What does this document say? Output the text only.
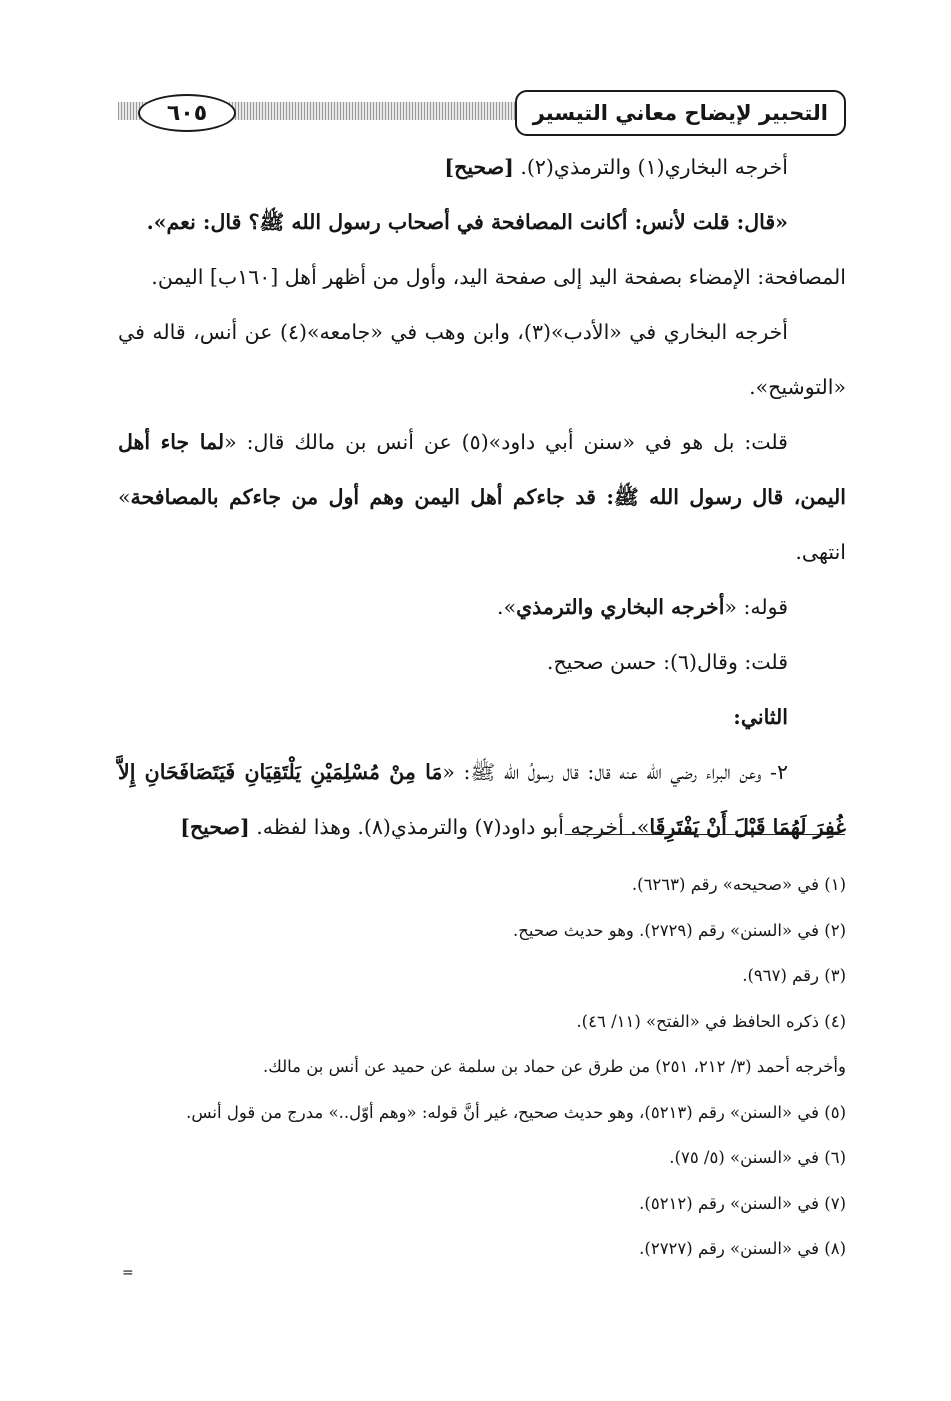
٦٠٥	التحبير لإيضاح معاني التيسير

أخرجه البخاري(١) والترمذي(٢). [صحيح]

«قال: قلت لأنس: أكانت المصافحة في أصحاب رسول الله ﷺ؟ قال: نعم».

المصافحة: الإمضاء بصفحة اليد إلى صفحة اليد، وأول من أظهر أهل [١٦٠ب] اليمن.

أخرجه البخاري في «الأدب»(٣)، وابن وهب في «جامعه»(٤) عن أنس، قاله في «التوشيح».

قلت: بل هو في «سنن أبي داود»(٥) عن أنس بن مالك قال: «لما جاء أهل اليمن، قال رسول الله ﷺ: قد جاءكم أهل اليمن وهم أول من جاءكم بالمصافحة» انتهى.

قوله: «أخرجه البخاري والترمذي».

قلت: وقال(٦): حسن صحيح.

الثاني:

٢- وعن البراء رضي الله عنه قال: قال رسولُ الله ﷺ: «مَا مِنْ مُسْلِمَيْنِ يَلْتَقِيَانِ فَيَتَصَافَحَانِ إِلاَّ غُفِرَ لَهُمَا قَبْلَ أَنْ يَفْتَرِقَا». أخرجه أبو داود(٧) والترمذي(٨). وهذا لفظه. [صحيح]

(١) في «صحيحه» رقم (٦٢٦٣).

(٢) في «السنن» رقم (٢٧٢٩). وهو حديث صحيح.

(٣) رقم (٩٦٧).

(٤) ذكره الحافظ في «الفتح» (١١/ ٤٦).

وأخرجه أحمد (٣/ ٢١٢، ٢٥١) من طرق عن حماد بن سلمة عن حميد عن أنس بن مالك.

(٥) في «السنن» رقم (٥٢١٣)، وهو حديث صحيح، غير أنَّ قوله: «وهم أوّل..» مدرج من قول أنس.

(٦) في «السنن» (٥/ ٧٥).

(٧) في «السنن» رقم (٥٢١٢).

(٨) في «السنن» رقم (٢٧٢٧).

=
